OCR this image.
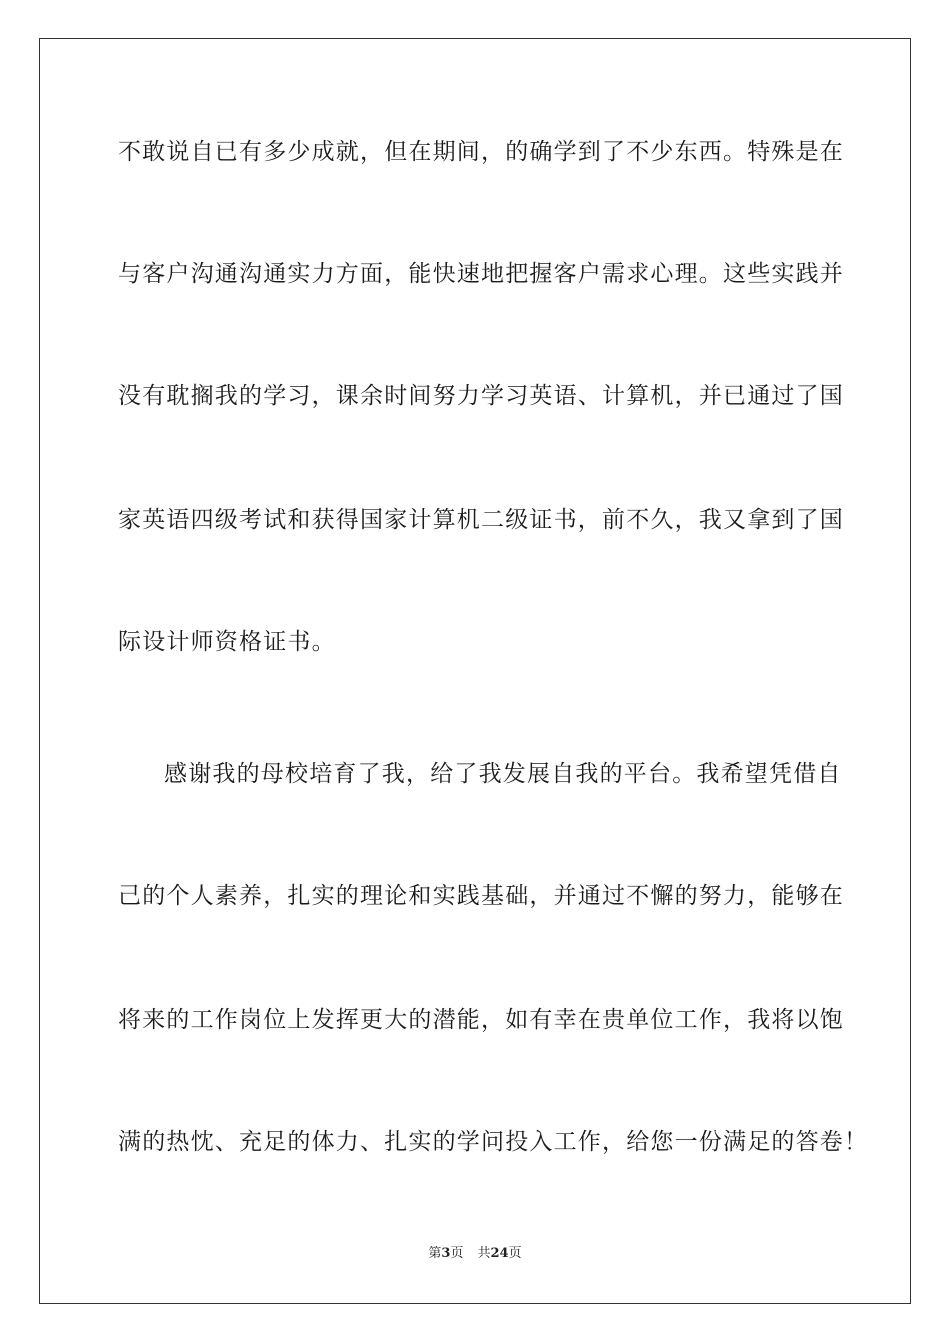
不敢说自已有多少成就，但在期间，的确学到了不少东西。特殊是在
与客户沟通沟通实力方面，能快速地把握客户需求心理。这些实践并
没有耽搁我的学习，课余时间努力学习英语、计算机，并已通过了国
家英语四级考试和获得国家计算机二级证书，前不久，我又拿到了国
际设计师资格证书。
感谢我的母校培育了我，给了我发展自我的平台。我希望凭借自
己的个人素养，扎实的理论和实践基础，并通过不懈的努力，能够在
将来的工作岗位上发挥更大的潜能，如有幸在贵单位工作，我将以饱
满的热忱、充足的体力、扎实的学问投入工作，给您一份满足的答卷！
第3页 共24页
